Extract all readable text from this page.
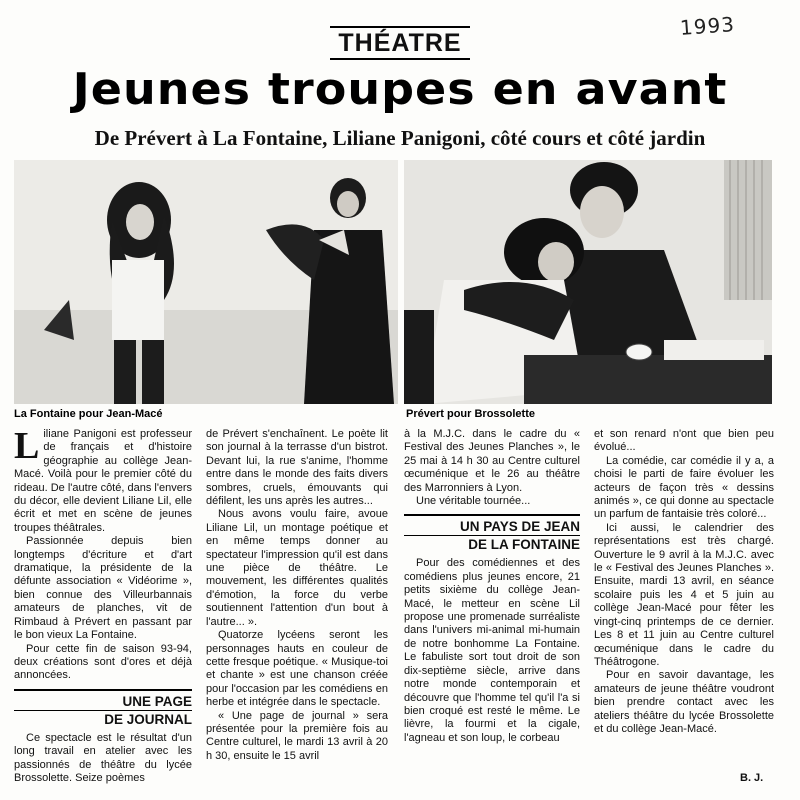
1993
THÉATRE
Jeunes troupes en avant
De Prévert à La Fontaine, Liliane Panigoni, côté cours et côté jardin
La Fontaine pour Jean-Macé	Prévert pour Brossolette

Liliane Panigoni est professeur de français et d'histoire géographie au collège Jean-Macé. Voilà pour le premier côté du rideau. De l'autre côté, dans l'envers du décor, elle devient Liliane Lil, elle écrit et met en scène de jeunes troupes théâtrales.

Passionnée depuis bien longtemps d'écriture et d'art dramatique, la présidente de la défunte association « Vidéorime », bien connue des Villeurbannais amateurs de planches, vit de Rimbaud à Prévert en passant par le bon vieux La Fontaine.

Pour cette fin de saison 93-94, deux créations sont d'ores et déjà annoncées.

UNE PAGE
DE JOURNAL

Ce spectacle est le résultat d'un long travail en atelier avec les passionnés de théâtre du lycée Brossolette. Seize poèmes

de Prévert s'enchaînent. Le poète lit son journal à la terrasse d'un bistrot. Devant lui, la rue s'anime, l'homme entre dans le monde des faits divers sombres, cruels, émouvants qui défilent, les uns après les autres...

Nous avons voulu faire, avoue Liliane Lil, un montage poétique et en même temps donner au spectateur l'impression qu'il est dans une pièce de théâtre. Le mouvement, les différentes qualités d'émotion, la force du verbe soutiennent l'attention d'un bout à l'autre... ».

Quatorze lycéens seront les personnages hauts en couleur de cette fresque poétique. « Musique-toi et chante » est une chanson créée pour l'occasion par les comédiens en herbe et intégrée dans le spectacle.

« Une page de journal » sera présentée pour la première fois au Centre culturel, le mardi 13 avril à 20 h 30, ensuite le 15 avril

à la M.J.C. dans le cadre du « Festival des Jeunes Planches », le 25 mai à 14 h 30 au Centre culturel œcuménique et le 26 au théâtre des Marronniers à Lyon.

Une véritable tournée...

UN PAYS DE JEAN
DE LA FONTAINE

Pour des comédiennes et des comédiens plus jeunes encore, 21 petits sixième du collège Jean-Macé, le metteur en scène Lil propose une promenade surréaliste dans l'univers mi-animal mi-humain de notre bonhomme La Fontaine. Le fabuliste sort tout droit de son dix-septième siècle, arrive dans notre monde contemporain et découvre que l'homme tel qu'il l'a si bien croqué est resté le même. Le lièvre, la fourmi et la cigale, l'agneau et son loup, le corbeau

et son renard n'ont que bien peu évolué...

La comédie, car comédie il y a, a choisi le parti de faire évoluer les acteurs de façon très « dessins animés », ce qui donne au spectacle un parfum de fantaisie très coloré...

Ici aussi, le calendrier des représentations est très chargé. Ouverture le 9 avril à la M.J.C. avec le « Festival des Jeunes Planches ». Ensuite, mardi 13 avril, en séance scolaire puis les 4 et 5 juin au collège Jean-Macé pour fêter les vingt-cinq printemps de ce dernier. Les 8 et 11 juin au Centre culturel œcuménique dans le cadre du Théâtrogone.

Pour en savoir davantage, les amateurs de jeune théâtre voudront bien prendre contact avec les ateliers théâtre du lycée Brossolette et du collège Jean-Macé.

B. J.
